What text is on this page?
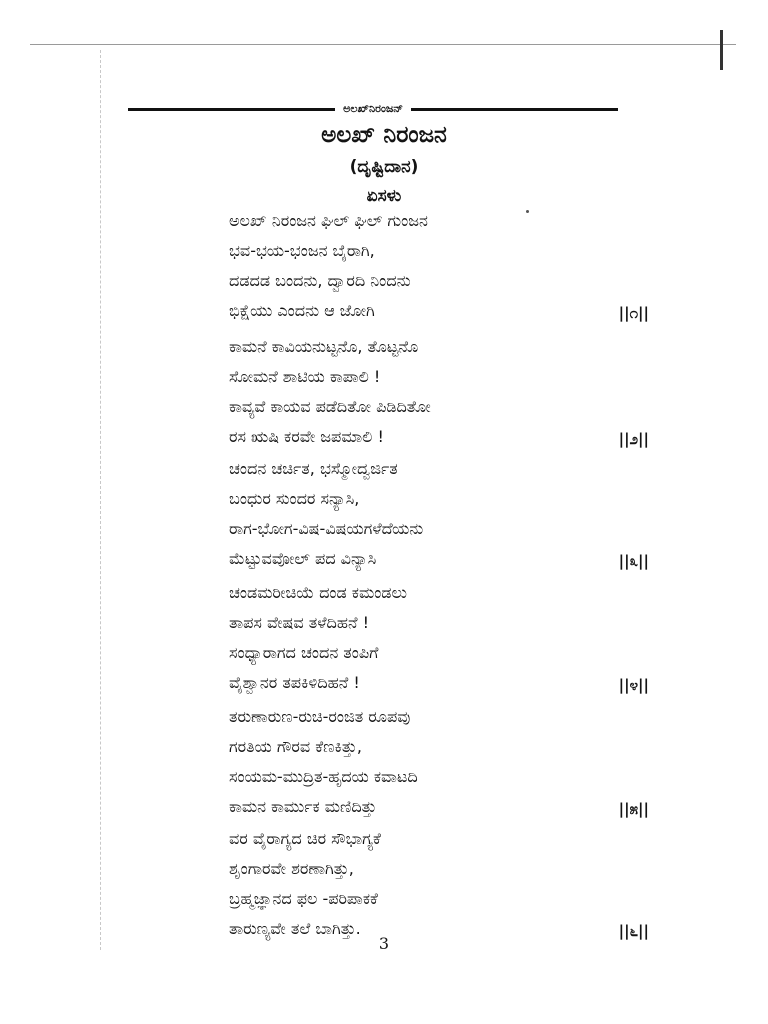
ಅಲಖ್‌ನಿರಂಜನ್
ಅಲಖ್ ನಿರಂಜನ
(ದೃಷ್ಟಿದಾನ)
ಏಸಳು
ಅಲಖ್ ನಿರಂಜನ ಘಿಲ್ ಘಿಲ್ ಗುಂಜನ
ಭವ-ಭಯ-ಭಂಜನ ಬೈರಾಗಿ,
ದಡದಡ ಬಂದನು, ದ್ವಾರದಿ ನಿಂದನು
ಭಿಕ್ಷೆಯು ಎಂದನು ಆ ಜೋಗಿ	||೧||
ಕಾಮನೆ ಕಾವಿಯನುಟ್ಟನೊ, ತೊಟ್ಟನೊ
ಸೋಮನೆ ಶಾಟಿಯ ಕಾಪಾಲಿ !
ಕಾವ್ಯವೆ ಕಾಯವ ಪಡೆದಿತೋ ಪಿಡಿದಿತೋ
ರಸ ಋಷಿ ಕರವೇ ಜಪಮಾಲಿ !	||೨||
ಚಂದನ ಚರ್ಚಿತ, ಭಸ್ಮೋದ್ವರ್ಜಿತ
ಬಂಧುರ ಸುಂದರ ಸನ್ಯಾಸಿ,
ರಾಗ-ಭೋಗ-ವಿಷ-ವಿಷಯಗಳೆದೆಯನು
ಮೆಟ್ಟುವವೋಲ್ ಪದ ವಿನ್ಯಾಸಿ	||೩||
ಚಂಡಮರೀಚಿಯೆ ದಂಡ ಕಮಂಡಲು
ತಾಪಸ ವೇಷವ ತಳೆದಿಹನೆ !
ಸಂಧ್ಯಾರಾಗದ ಚಂದನ ತಂಪಿಗೆ
ವೈಶ್ವಾನರ ತಪಕಿಳಿದಿಹನೆ !	||೪||
ತರುಣಾರುಣ-ರುಚಿ-ರಂಜಿತ ರೂಪವು
ಗರತಿಯ ಗೌರವ ಕೆಣಕಿತ್ತು,
ಸಂಯಮ-ಮುದ್ರಿತ-ಹೃದಯ ಕವಾಟದಿ
ಕಾಮನ ಕಾರ್ಮುಕ ಮಣಿದಿತ್ತು	||೫||
ವರ ವೈರಾಗ್ಯದ ಚಿರ ಸೌಭಾಗ್ಯಕೆ
ಶೃಂಗಾರವೇ ಶರಣಾಗಿತ್ತು,
ಬ್ರಹ್ಮಜ್ಞಾನದ ಫಲ -ಪರಿಪಾಕಕೆ
ತಾರುಣ್ಯವೇ ತಲೆ ಬಾಗಿತ್ತು.	||೬||
3
